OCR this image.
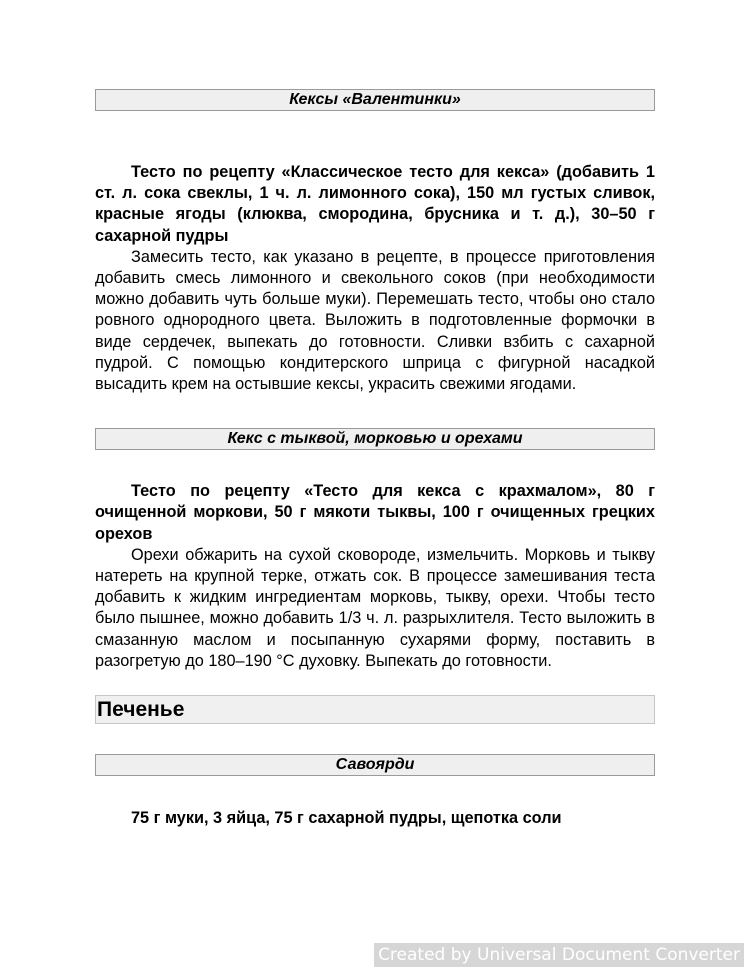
Кексы «Валентинки»

Тесто по рецепту «Классическое тесто для кекса» (добавить 1 ст. л. сока свеклы, 1 ч. л. лимонного сока), 150 мл густых сливок, красные ягоды (клюква, смородина, брусника и т. д.), 30–50 г сахарной пудры

Замесить тесто, как указано в рецепте, в процессе приготовления добавить смесь лимонного и свекольного соков (при необходимости можно добавить чуть больше муки). Перемешать тесто, чтобы оно стало ровного однородного цвета. Выложить в подготовленные формочки в виде сердечек, выпекать до готовности. Сливки взбить с сахарной пудрой. С помощью кондитерского шприца с фигурной насадкой высадить крем на остывшие кексы, украсить свежими ягодами.

Кекс с тыквой, морковью и орехами

Тесто по рецепту «Тесто для кекса с крахмалом», 80 г очищенной моркови, 50 г мякоти тыквы, 100 г очищенных грецких орехов

Орехи обжарить на сухой сковороде, измельчить. Морковь и тыкву натереть на крупной терке, отжать сок. В процессе замешивания теста добавить к жидким ингредиентам морковь, тыкву, орехи. Чтобы тесто было пышнее, можно добавить 1/3 ч. л. разрыхлителя. Тесто выложить в смазанную маслом и посыпанную сухарями форму, поставить в разогретую до 180–190 °C духовку. Выпекать до готовности.

Печенье
Савоярди

75 г муки, 3 яйца, 75 г сахарной пудры, щепотка соли

Created by Universal Document Converter
